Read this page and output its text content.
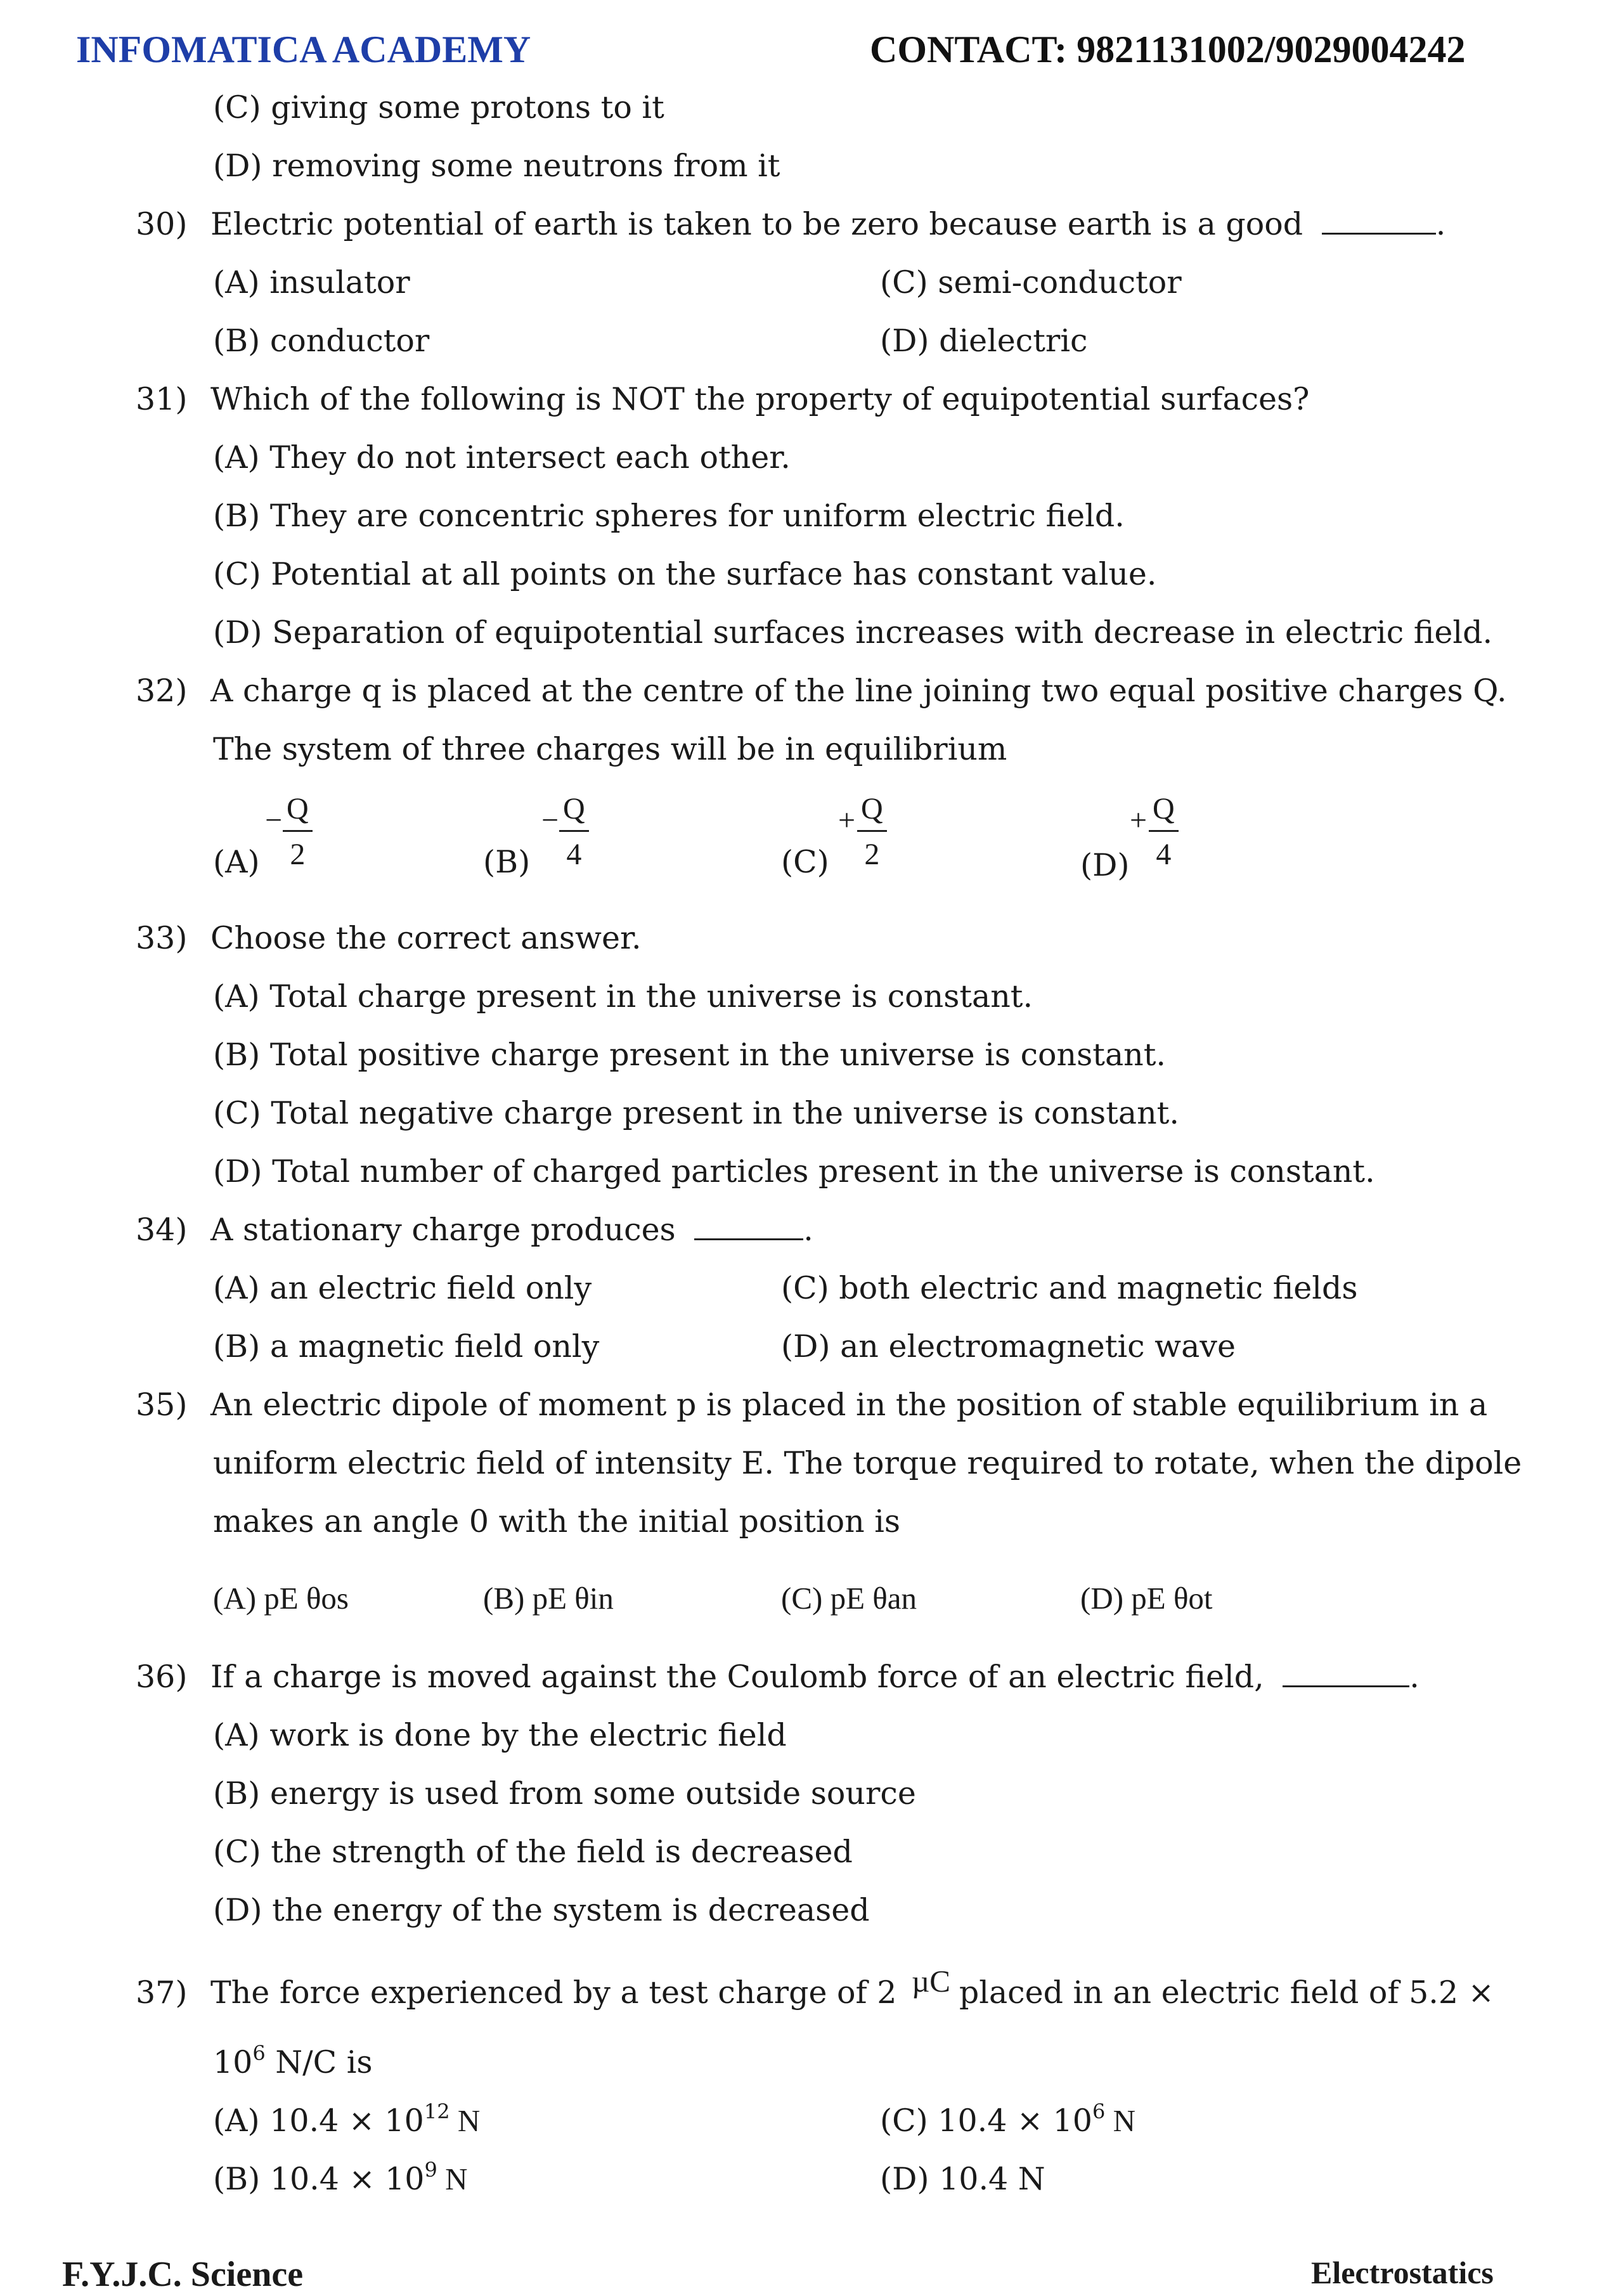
INFOMATICA ACADEMY	CONTACT: 9821131002/9029004242
(C) giving some protons to it
(D) removing some neutrons from it
30) Electric potential of earth is taken to be zero because earth is a good	.
(A) insulator	(C) semi-conductor
(B) conductor	(D) dielectric
31) Which of the following is NOT the property of equipotential surfaces?
(A) They do not intersect each other.
(B) They are concentric spheres for uniform electric field.
(C) Potential at all points on the surface has constant value.
(D) Separation of equipotential surfaces increases with decrease in electric field.
32) A charge q is placed at the centre of the line joining two equal positive charges Q.
The system of three charges will be in equilibrium
(A)
− $\frac{Q}{2}$	(B)
− $\frac{Q}{4}$	(C)
+ $\frac{Q}{2}$	(D)
+ $\frac{Q}{4}$
33) Choose the correct answer.
(A) Total charge present in the universe is constant.
(B) Total positive charge present in the universe is constant.
(C) Total negative charge present in the universe is constant.
(D) Total number of charged particles present in the universe is constant.
34) A stationary charge produces	.
(A) an electric field only	(C) both electric and magnetic fields
(B) a magnetic field only	(D) an electromagnetic wave
35) An electric dipole of moment p is placed in the position of stable equilibrium in a
uniform electric field of intensity E. The torque required to rotate, when the dipole
makes an angle 0 with the initial position is
(A) pE θos	(B) pE θin	(C) pE θan	(D) pE θot
36) If a charge is moved against the Coulomb force of an electric field,	.
(A) work is done by the electric field
(B) energy is used from some outside source
(C) the strength of the field is decreased
(D) the energy of the system is decreased
37) The force experienced by a test charge of 2 µC placed in an electric field of 5.2 ×
$10^6$ N/C is
(A) $10.4 \times 10^{12}$ N	(C) $10.4 \times 10^6$ N
(B) $10.4 \times 10^9$ N	(D) 10.4 N
F.Y.J.C. Science	Electrostatics
